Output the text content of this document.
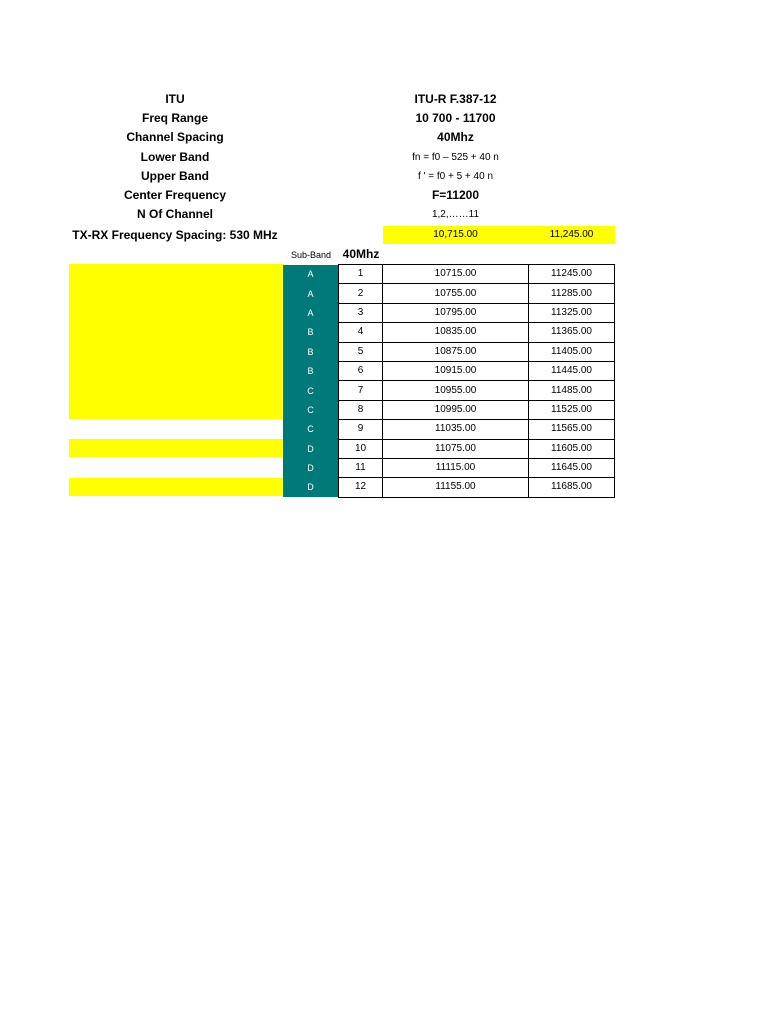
ITU	ITU-R F.387-12
Freq Range	10 700 - 11700
Channel Spacing	40Mhz
Lower Band	fn = f0 – 525 + 40 n
Upper Band	f ' = f0 + 5 + 40 n
Center Frequency	F=11200
N Of Channel	1,2,……11
TX-RX Frequency Spacing: 530 MHz	10,715.00	11,245.00
Sub-Band 40Mhz
A	1	10715.00	11245.00
A	2	10755.00	11285.00
A	3	10795.00	11325.00
B	4	10835.00	11365.00
B	5	10875.00	11405.00
B	6	10915.00	11445.00
C	7	10955.00	11485.00
C	8	10995.00	11525.00
C	9	11035.00	11565.00
D	10	11075.00	11605.00
D	11	11115.00	11645.00
D	12	11155.00	11685.00
